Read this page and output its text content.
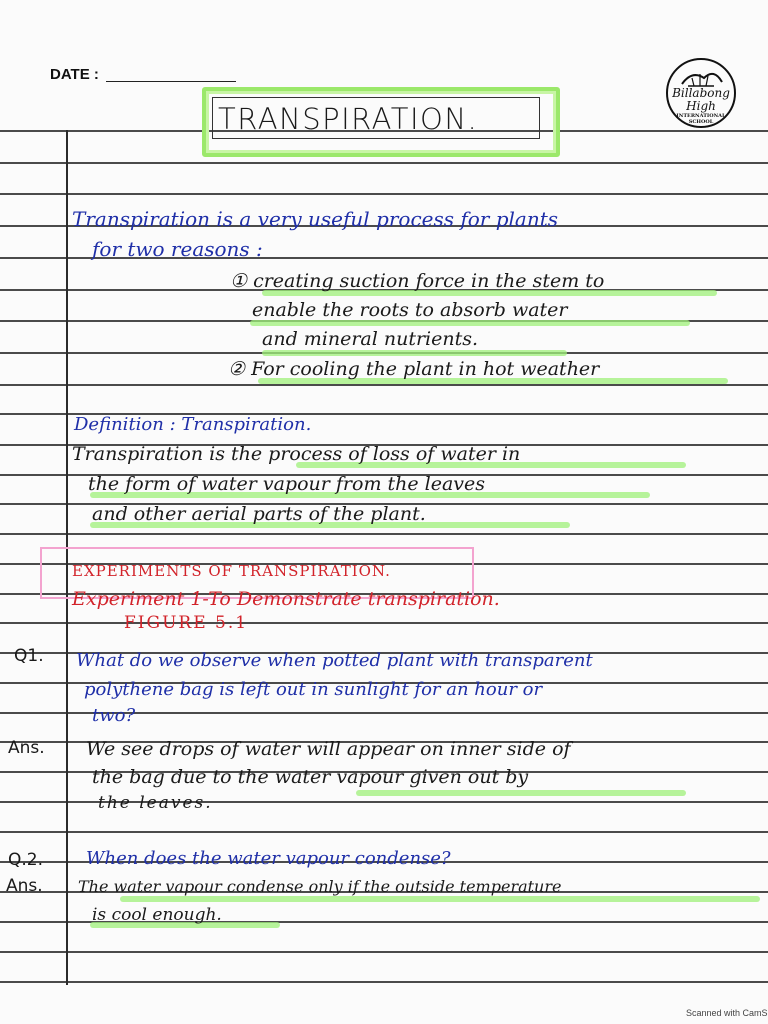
DATE :
Billabong
High
INTERNATIONAL SCHOOL
TRANSPIRATION.
Transpiration is a very useful process for plants
for two reasons :
① creating suction force in the stem to
enable the roots to absorb water
and mineral nutrients.
② For cooling the plant in hot weather
Definition : Transpiration.
Transpiration is the process of loss of water in
the form of water vapour from the leaves
and other aerial parts of the plant.
EXPERIMENTS OF TRANSPIRATION.
Experiment 1-To Demonstrate transpiration.
FIGURE 5.1
Q1. What do we observe when potted plant with transparent
polythene bag is left out in sunlight for an hour or
two?
Ans. We see drops of water will appear on inner side of
the bag due to the water vapour given out by
the leaves.
Q.2. When does the water vapour condense?
Ans. The water vapour condense only if the outside temperature
is cool enough.
Scanned with CamS
